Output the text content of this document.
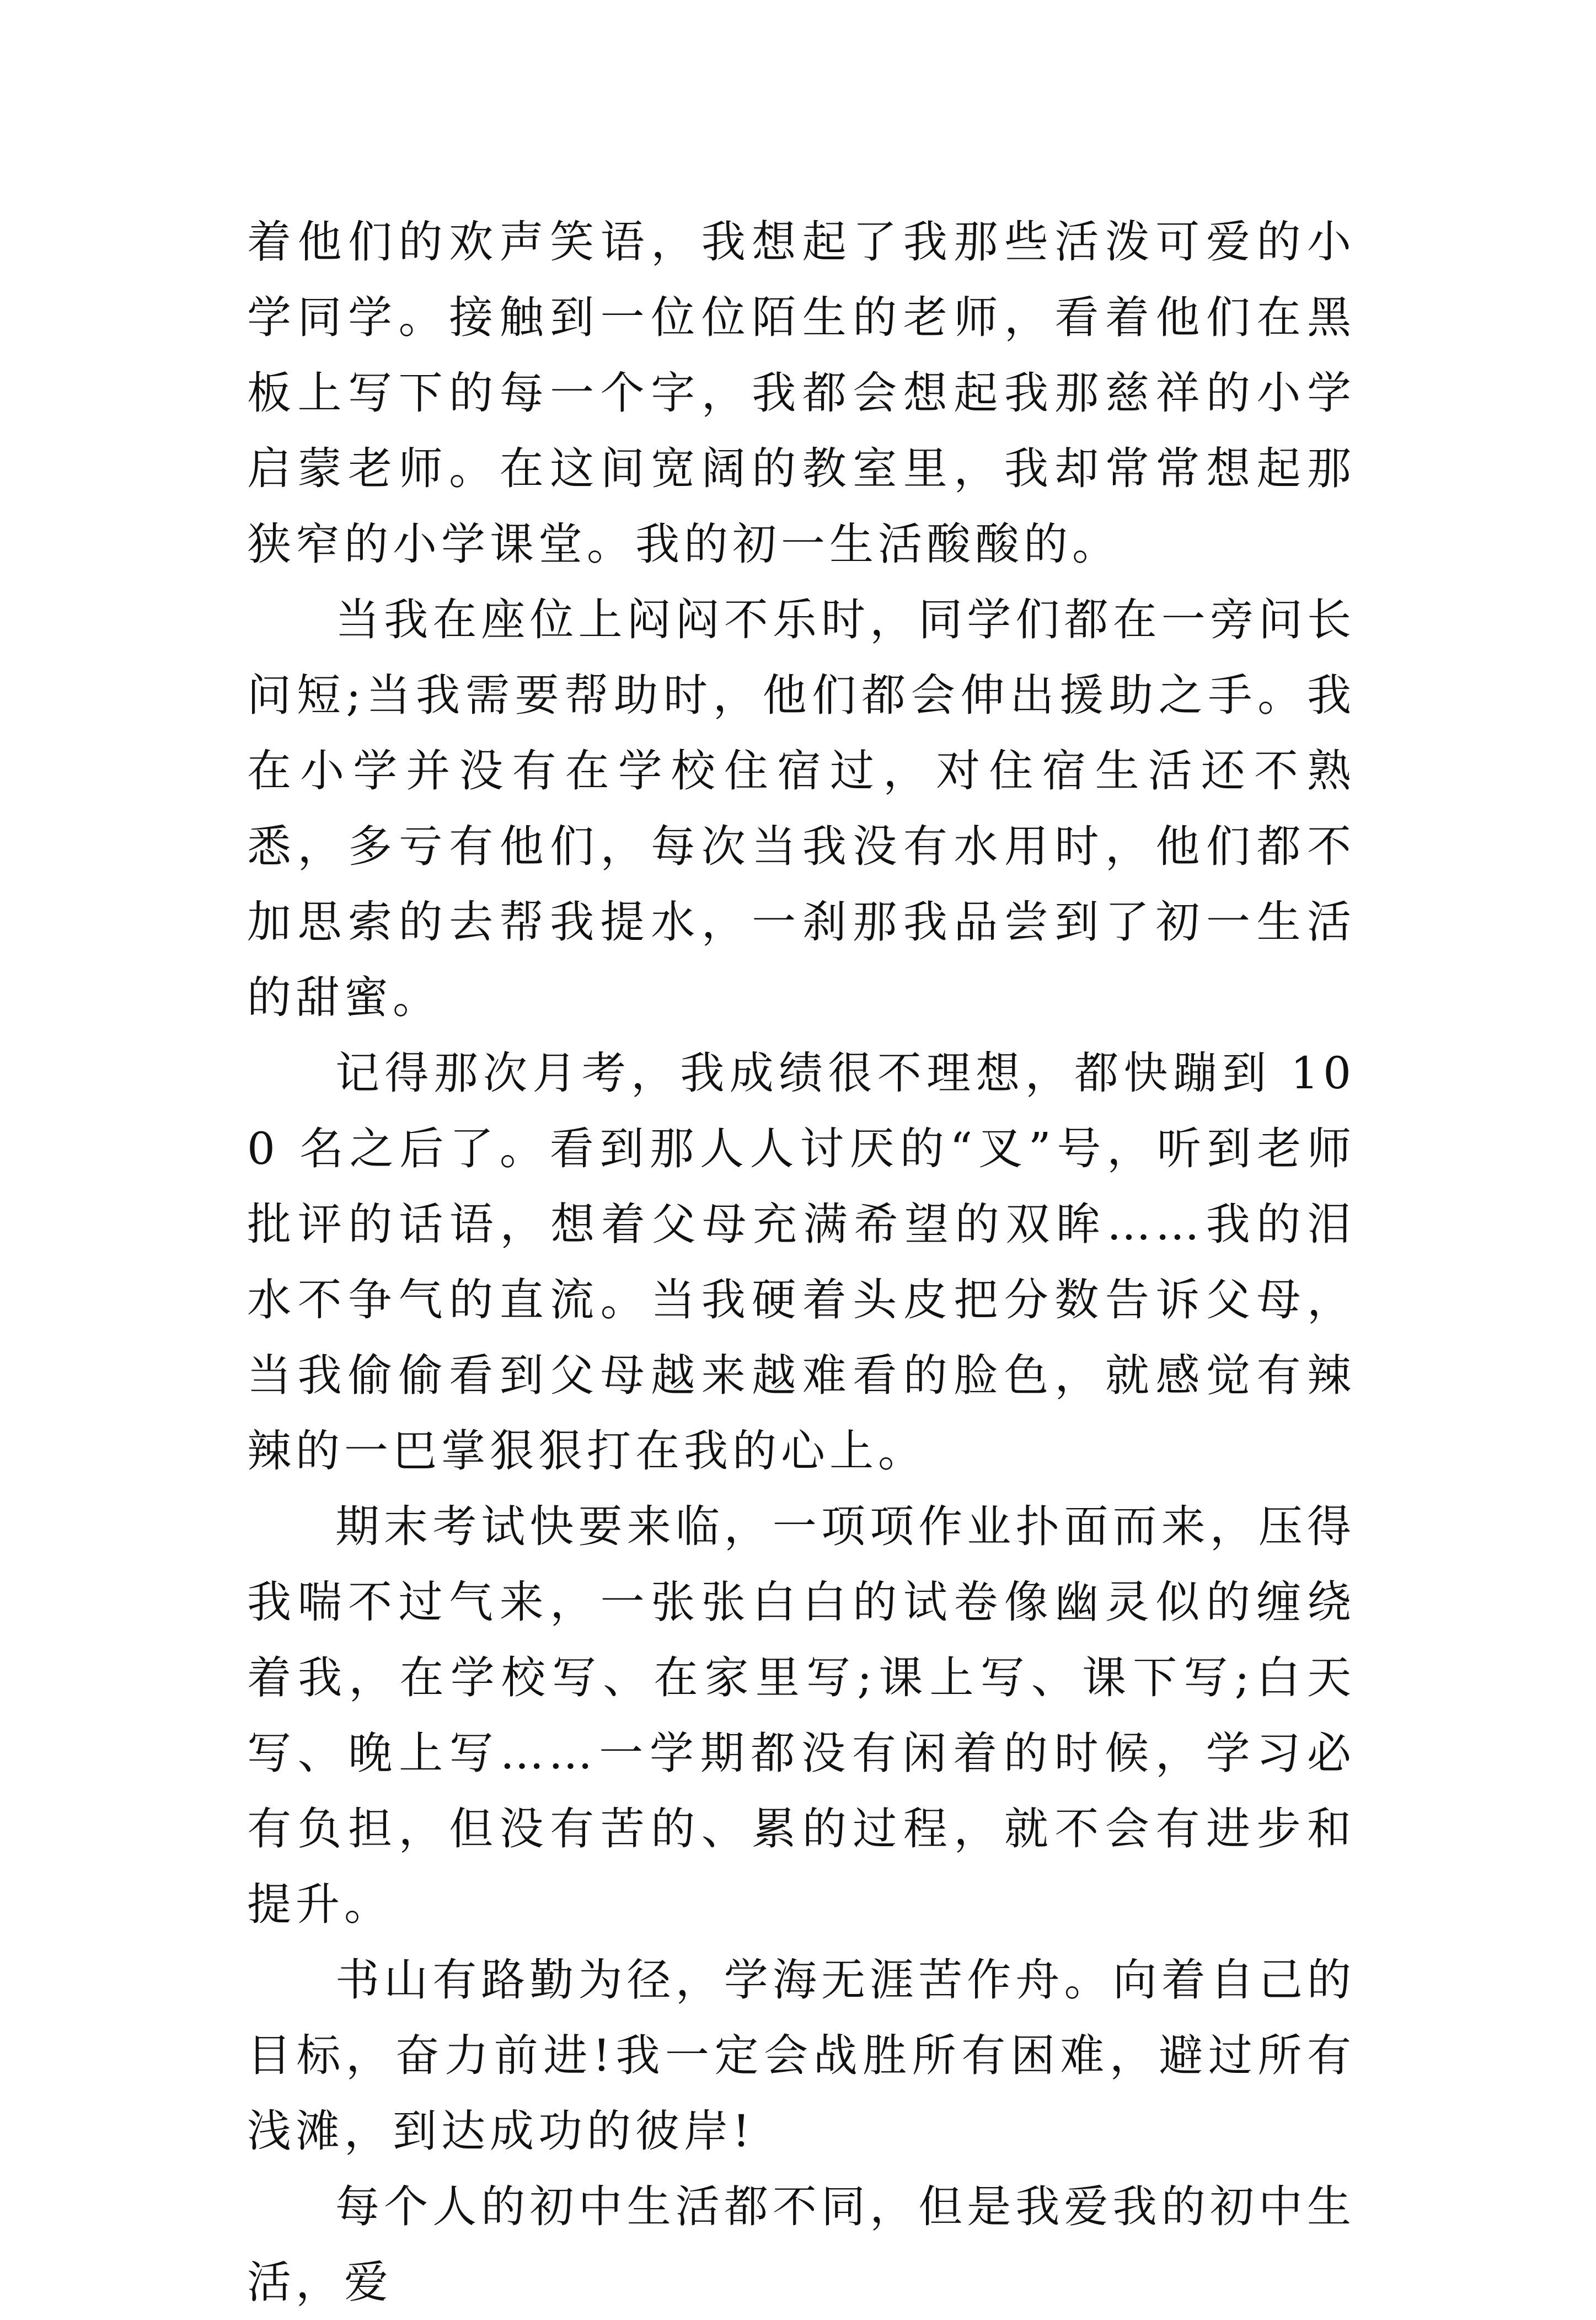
着他们的欢声笑语，我想起了我那些活泼可爱的小学同学。接触到一位位陌生的老师，看着他们在黑板上写下的每一个字，我都会想起我那慈祥的小学启蒙老师。在这间宽阔的教室里，我却常常想起那狭窄的小学课堂。我的初一生活酸酸的。

当我在座位上闷闷不乐时，同学们都在一旁问长问短;当我需要帮助时，他们都会伸出援助之手。我在小学并没有在学校住宿过，对住宿生活还不熟悉，多亏有他们，每次当我没有水用时，他们都不加思索的去帮我提水，一刹那我品尝到了初一生活的甜蜜。

记得那次月考，我成绩很不理想，都快蹦到 100 名之后了。看到那人人讨厌的“叉”号，听到老师批评的话语，想着父母充满希望的双眸……我的泪水不争气的直流。当我硬着头皮把分数告诉父母，当我偷偷看到父母越来越难看的脸色，就感觉有辣辣的一巴掌狠狠打在我的心上。

期末考试快要来临，一项项作业扑面而来，压得我喘不过气来，一张张白白的试卷像幽灵似的缠绕着我，在学校写、在家里写;课上写、课下写;白天写、晚上写……一学期都没有闲着的时候，学习必有负担，但没有苦的、累的过程，就不会有进步和提升。

书山有路勤为径，学海无涯苦作舟。向着自己的目标，奋力前进!我一定会战胜所有困难，避过所有浅滩，到达成功的彼岸!

每个人的初中生活都不同，但是我爱我的初中生活，爱
